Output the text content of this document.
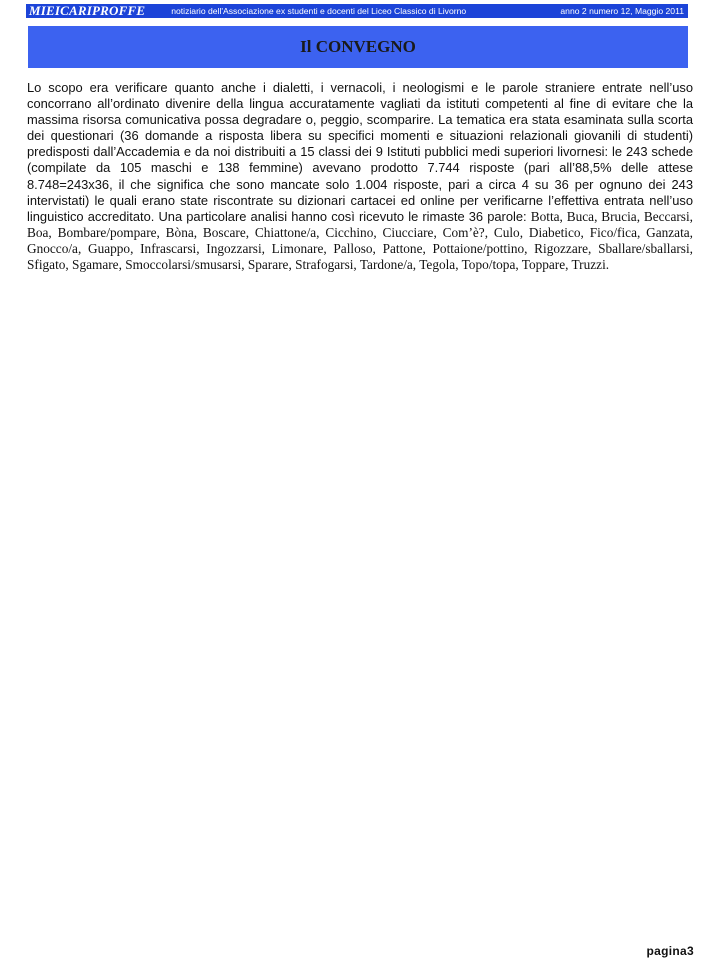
MIEICARIPROFFE	notiziario dell'Associazione ex studenti e docenti del Liceo Classico di Livorno	anno 2 numero 12, Maggio 2011
Il CONVEGNO

Lo scopo era verificare quanto anche i dialetti, i vernacoli, i neologismi e le parole straniere entrate nell’uso concorrano all’ordinato divenire della lingua accuratamente vagliati da istituti competenti al fine di evitare che la massima risorsa comunicativa possa degradare o, peggio, scomparire. La tematica era stata esaminata sulla scorta dei questionari (36 domande a risposta libera su specifici momenti e situazioni relazionali giovanili di studenti) predisposti dall’Accademia e da noi distribuiti a 15 classi dei 9 Istituti pubblici medi superiori livornesi: le 243 schede (compilate da 105 maschi e 138 femmine) avevano prodotto 7.744 risposte (pari all’88,5% delle attese 8.748=243x36, il che significa che sono mancate solo 1.004 risposte, pari a circa 4 su 36 per ognuno dei 243 intervistati) le quali erano state riscontrate su dizionari cartacei ed online per verificarne l’effettiva entrata nell’uso linguistico accreditato. Una particolare analisi hanno così ricevuto le rimaste 36 parole: Botta, Buca, Brucia, Beccarsi, Boa, Bombare/pompare, Bòna, Boscare, Chiattone/a, Cicchino, Ciucciare, Com’è?, Culo, Diabetico, Fico/fica, Ganzata, Gnocco/a, Guappo, Infrascarsi, Ingozzarsi, Limonare, Palloso, Pattone, Pottaione/pottino, Rigozzare, Sballare/sballarsi, Sfigato, Sgamare, Smoccolarsi/smusarsi, Sparare, Strafogarsi, Tardone/a, Tegola, Topo/topa, Toppare, Truzzi.

pagina3
